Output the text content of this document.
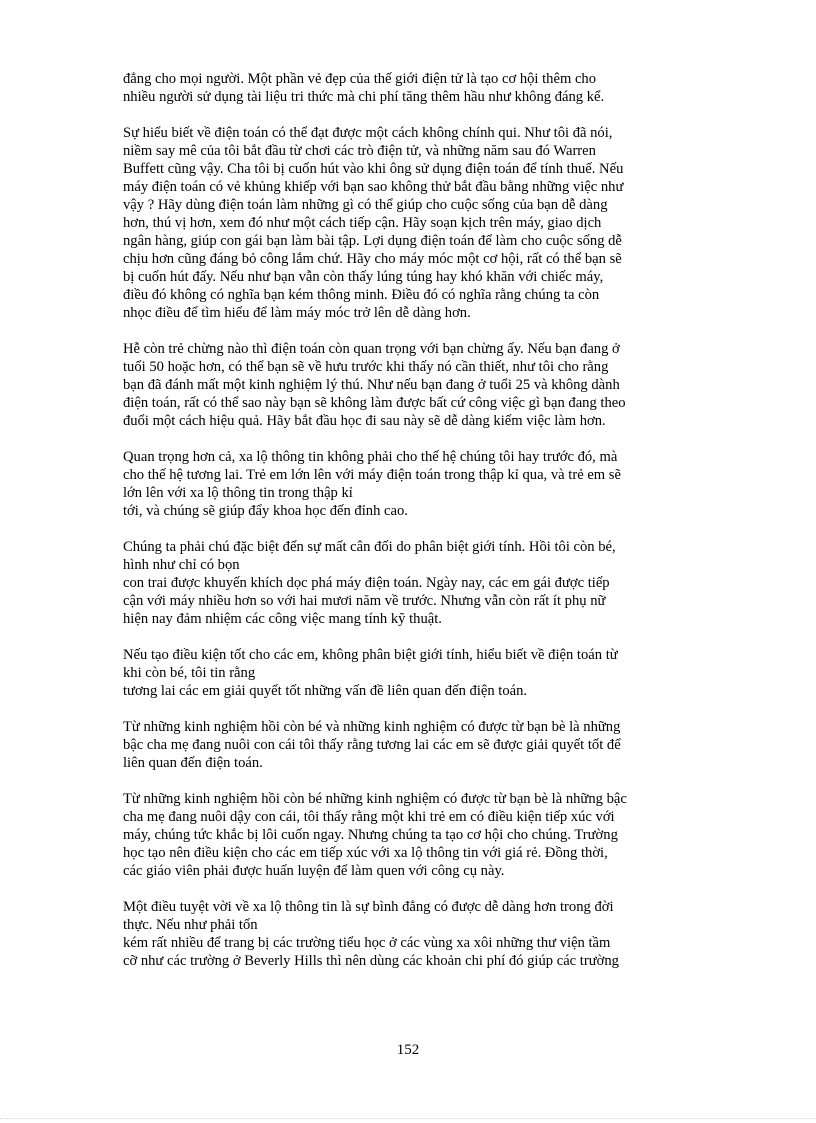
đẳng cho mọi người. Một phần vẻ đẹp của thế giới điện tử là tạo cơ hội thêm cho
nhiều người sử dụng tài liệu tri thức mà chi phí tăng thêm hầu như không đáng kể.

Sự hiểu biết về điện toán có thể đạt được một cách không chính qui. Như tôi đã nói,
niềm say mê của tôi bắt đầu từ chơi các trò điện tử, và những năm sau đó Warren
Buffett cũng vậy. Cha tôi bị cuốn hút vào khi ông sử dụng điện toán để tính thuế. Nếu
máy điện toán có vẻ khủng khiếp với bạn sao không thử bắt đầu bằng những việc như
vậy ? Hãy dùng điện toán làm những gì có thể giúp cho cuộc sống của bạn dễ dàng
hơn, thú vị hơn, xem đó như một cách tiếp cận. Hãy soạn kịch trên máy, giao dịch
ngân hàng, giúp con gái bạn làm bài tập. Lợi dụng điện toán để làm cho cuộc sống dễ
chịu hơn cũng đáng bỏ công lắm chứ. Hãy cho máy móc một cơ hội, rất có thể bạn sẽ
bị cuốn hút đấy. Nếu như bạn vẫn còn thấy lúng túng hay khó khăn với chiếc máy,
điều đó không có nghĩa bạn kém thông minh. Điều đó có nghĩa rằng chúng ta còn
nhọc điều để tìm hiểu để làm máy móc trở lên dễ dàng hơn.

Hễ còn trẻ chừng nào thì điện toán còn quan trọng với bạn chừng ấy. Nếu bạn đang ở
tuổi 50 hoặc hơn, có thể bạn sẽ về hưu trước khi thấy nó cần thiết, như tôi cho rằng
bạn đã đánh mất một kinh nghiệm lý thú. Như nếu bạn đang ở tuổi 25 và không dành
điện toán, rất có thể sao này bạn sẽ không làm được bất cứ công việc gì bạn đang theo
đuổi một cách hiệu quả. Hãy bắt đầu học đi sau này sẽ dễ dàng kiếm việc làm hơn.

Quan trọng hơn cả, xa lộ thông tin không phải cho thế hệ chúng tôi hay trước đó, mà
cho thế hệ tương lai. Trẻ em lớn lên với máy điện toán trong thập kỉ qua, và trẻ em sẽ
lớn lên với xa lộ thông tin trong thập kỉ
tới, và chúng sẽ giúp đẩy khoa học đến đỉnh cao.

Chúng ta phải chú đặc biệt đến sự mất cân đối do phân biệt giới tính. Hồi tôi còn bé,
hình như chỉ có bọn
con trai được khuyến khích dọc phá máy điện toán. Ngày nay, các em gái được tiếp
cận với máy nhiều hơn so với hai mươi năm về trước. Nhưng vẫn còn rất ít phụ nữ
hiện nay đảm nhiệm các công việc mang tính kỹ thuật.

Nếu tạo điều kiện tốt cho các em, không phân biệt giới tính, hiểu biết về điện toán từ
khi còn bé, tôi tin rằng
tương lai các em giải quyết tốt những vấn đề liên quan đến điện toán.

Từ những kinh nghiệm hồi còn bé và những kinh nghiệm có được từ bạn bè là những
bậc cha mẹ đang nuôi con cái tôi thấy rằng tương lai các em sẽ được giải quyết tốt để
liên quan đến điện toán.

Từ những kinh nghiệm hồi còn bé những kinh nghiệm có được từ bạn bè là những bậc
cha mẹ đang nuôi dậy con cái, tôi thấy rằng một khi trẻ em có điều kiện tiếp xúc với
máy, chúng tức khắc bị lôi cuốn ngay. Nhưng chúng ta tạo cơ hội cho chúng. Trường
học tạo nên điều kiện cho các em tiếp xúc với xa lộ thông tin với giá rẻ. Đồng thời,
các giáo viên phải được huấn luyện để làm quen với công cụ này.

Một điều tuyệt vời về xa lộ thông tin là sự bình đẳng có được dễ dàng hơn trong đời
thực. Nếu như phải tốn
kém rất nhiều để trang bị các trường tiểu học ở các vùng xa xôi những thư viện tầm
cỡ như các trường ở Beverly Hills thì nên dùng các khoản chi phí đó giúp các trường

152
